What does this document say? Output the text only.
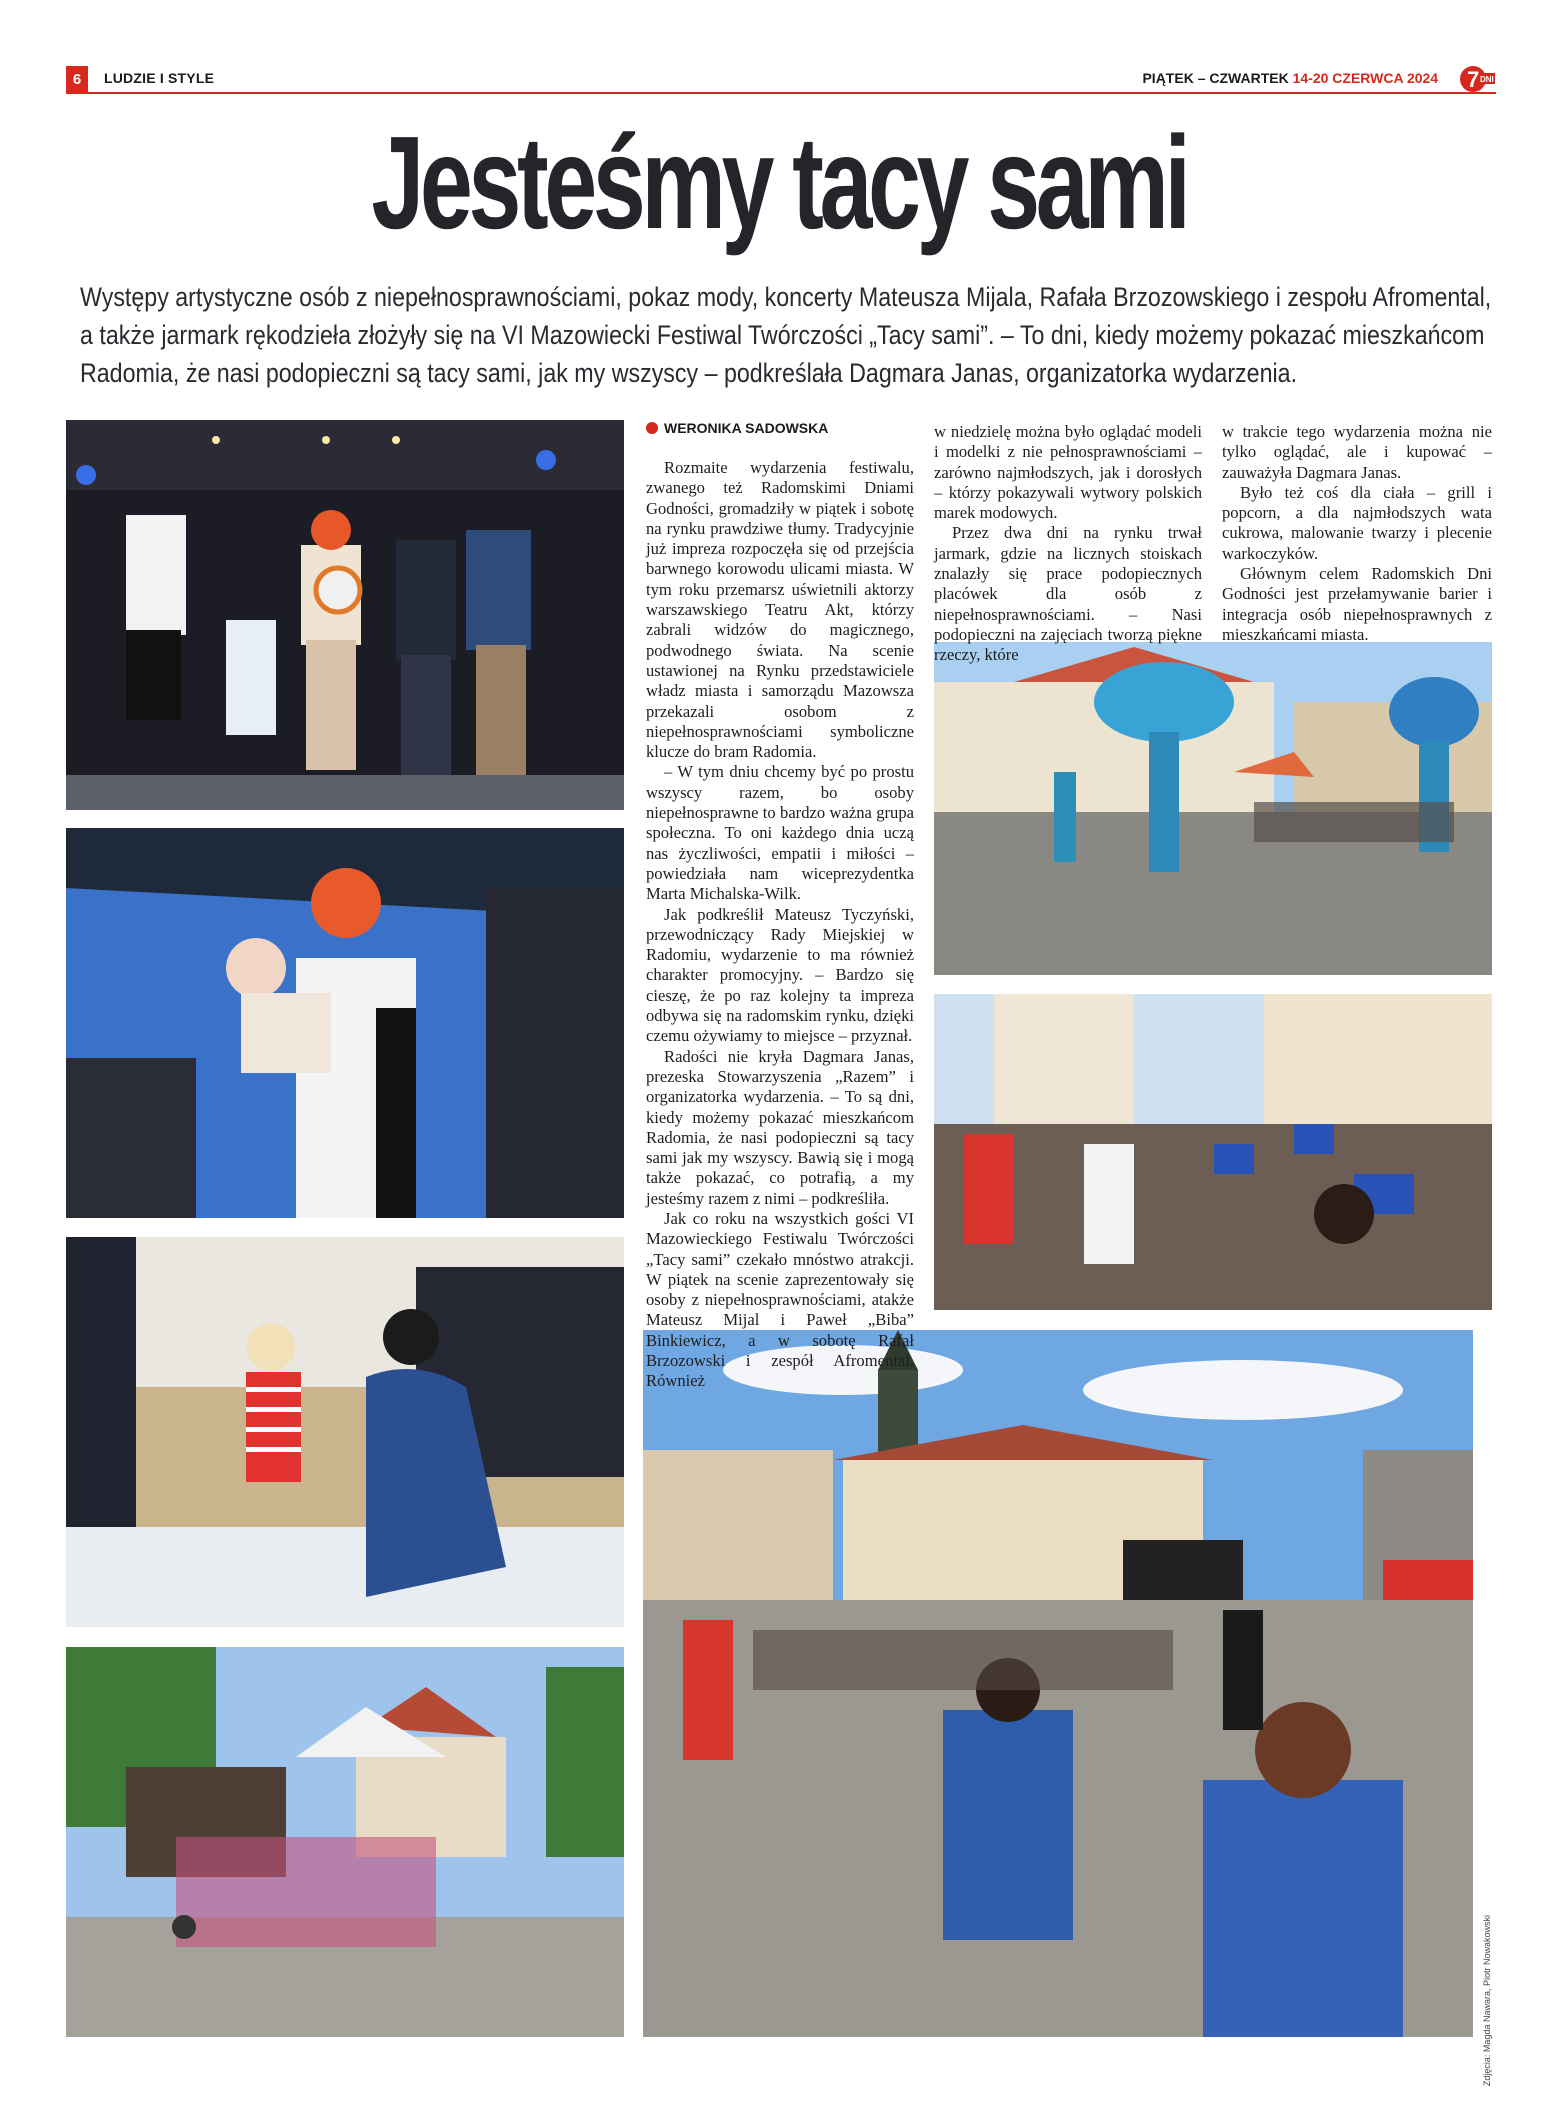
6	LUDZIE I STYLE	PIĄTEK – CZWARTEK 14-20 CZERWCA 2024	7 DNI
Jesteśmy tacy sami
Występy artystyczne osób z niepełnosprawnościami, pokaz mody, koncerty Mateusza Mijala, Rafała Brzozowskiego i zespołu Afromental, a także jarmark rękodzieła złożyły się na VI Mazowiecki Festiwal Twórczości „Tacy sami”. – To dni, kiedy możemy pokazać mieszkańcom Radomia, że nasi podopieczni są tacy sami, jak my wszyscy – podkreślała Dagmara Janas, organizatorka wydarzenia.
WERONIKA SADOWSKA

Rozmaite wydarzenia festiwalu, zwanego też Radomskimi Dniami Godności, gromadziły w piątek i sobotę na rynku prawdziwe tłumy. Tradycyjnie już impreza rozpoczęła się od przejścia barwnego korowodu ulicami miasta. W tym roku przemarsz uświetnili aktorzy warszawskiego Teatru Akt, którzy zabrali widzów do magicznego, podwodnego świata. Na scenie ustawionej na Rynku przedstawiciele władz miasta i samorządu Mazowsza przekazali osobom z niepełnosprawnościami symboliczne klucze do bram Radomia.

– W tym dniu chcemy być po prostu wszyscy razem, bo osoby niepełnosprawne to bardzo ważna grupa społeczna. To oni każdego dnia uczą nas życzliwości, empatii i miłości – powiedziała nam wiceprezydentka Marta Michalska-Wilk.

Jak podkreślił Mateusz Tyczyński, przewodniczący Rady Miejskiej w Radomiu, wydarzenie to ma również charakter promocyjny. – Bardzo się cieszę, że po raz kolejny ta impreza odbywa się na radomskim rynku, dzięki czemu ożywiamy to miejsce – przyznał.

Radości nie kryła Dagmara Janas, prezeska Stowarzyszenia „Razem” i organizatorka wydarzenia. – To są dni, kiedy możemy pokazać mieszkańcom Radomia, że nasi podopieczni są tacy sami jak my wszyscy. Bawią się i mogą także pokazać, co potrafią, a my jesteśmy razem z nimi – podkreśliła.

Jak co roku na wszystkich gości VI Mazowieckiego Festiwalu Twórczości „Tacy sami” czekało mnóstwo atrakcji. W piątek na scenie zaprezentowały się osoby z niepełnosprawnościami, atakże Mateusz Mijal i Paweł „Biba” Binkiewicz, a w sobotę Rafał Brzozowski i zespół Afromental. Również

w niedzielę można było oglądać modeli i modelki z nie pełnosprawnościami – zarówno najmłodszych, jak i dorosłych – którzy pokazywali wytwory polskich marek modowych.

Przez dwa dni na rynku trwał jarmark, gdzie na licznych stoiskach znalazły się prace podopiecznych placówek dla osób z niepełnosprawnościami. – Nasi podopieczni na zajęciach tworzą piękne rzeczy, które

w trakcie tego wydarzenia można nie tylko oglądać, ale i kupować – zauważyła Dagmara Janas.

Było też coś dla ciała – grill i popcorn, a dla najmłodszych wata cukrowa, malowanie twarzy i plecenie warkoczyków.

Głównym celem Radomskich Dni Godności jest przełamywanie barier i integracja osób niepełnosprawnych z mieszkańcami miasta.

Zdjęcia: Magda Nawara, Piotr Nowakowski
